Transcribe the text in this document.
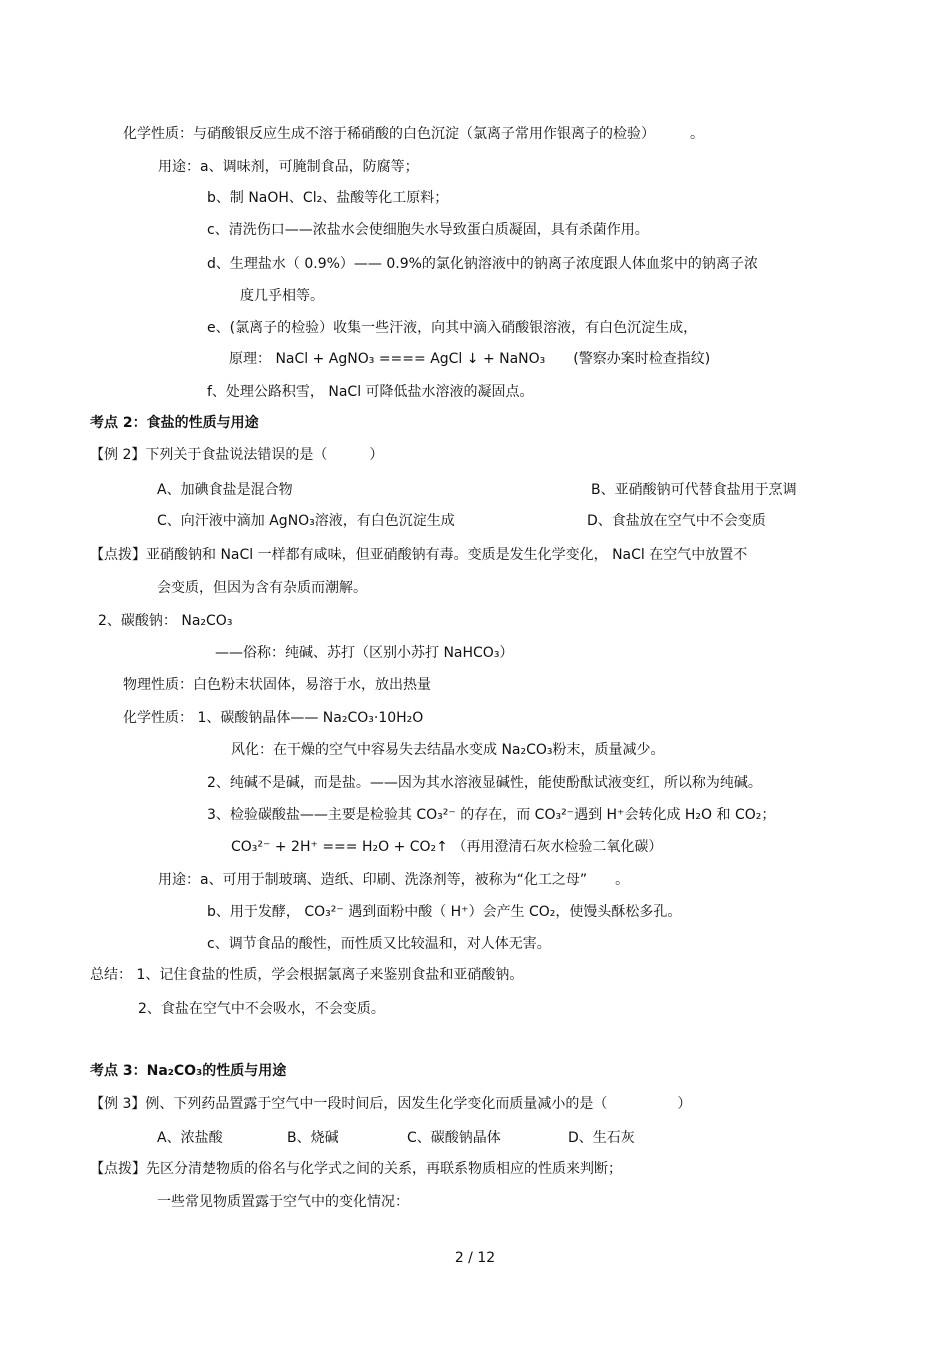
化学性质：与硝酸银反应生成不溶于稀硝酸的白色沉淀（氯离子常用作银离子的检验）　　　。
用途：a、调味剂，可腌制食品，防腐等；
b、制 NaOH、Cl₂、盐酸等化工原料；
c、清洗伤口——浓盐水会使细胞失水导致蛋白质凝固，具有杀菌作用。
d、生理盐水（ 0.9%）—— 0.9%的氯化钠溶液中的钠离子浓度跟人体血浆中的钠离子浓
度几乎相等。
e、(氯离子的检验）收集一些汗液，向其中滴入硝酸银溶液，有白色沉淀生成，
原理： NaCl + AgNO₃ ==== AgCl ↓ + NaNO₃　　(警察办案时检查指纹)
f、处理公路积雪， NaCl 可降低盐水溶液的凝固点。
考点 2：食盐的性质与用途
【例 2】下列关于食盐说法错误的是（　　　）
A、加碘食盐是混合物	B、亚硝酸钠可代替食盐用于烹调
C、向汗液中滴加 AgNO₃溶液，有白色沉淀生成	D、食盐放在空气中不会变质
【点拨】亚硝酸钠和 NaCl 一样都有咸味，但亚硝酸钠有毒。变质是发生化学变化， NaCl 在空气中放置不
会变质，但因为含有杂质而潮解。
2、碳酸钠： Na₂CO₃
——俗称：纯碱、苏打（区别小苏打 NaHCO₃）
物理性质：白色粉末状固体，易溶于水，放出热量
化学性质： 1、碳酸钠晶体—— Na₂CO₃·10H₂O
风化：在干燥的空气中容易失去结晶水变成 Na₂CO₃粉末，质量减少。
2、纯碱不是碱，而是盐。——因为其水溶液显碱性，能使酚酞试液变红，所以称为纯碱。
3、检验碳酸盐——主要是检验其 CO₃²⁻ 的存在，而 CO₃²⁻遇到 H⁺会转化成 H₂O 和 CO₂；
CO₃²⁻ + 2H⁺ === H₂O + CO₂↑ （再用澄清石灰水检验二氧化碳）
用途：a、可用于制玻璃、造纸、印刷、洗涤剂等，被称为“化工之母”　　。
b、用于发酵， CO₃²⁻ 遇到面粉中酸（ H⁺）会产生 CO₂，使馒头酥松多孔。
c、调节食品的酸性，而性质又比较温和，对人体无害。
总结： 1、记住食盐的性质，学会根据氯离子来鉴别食盐和亚硝酸钠。
2、食盐在空气中不会吸水，不会变质。
考点 3：Na₂CO₃的性质与用途
【例 3】例、下列药品置露于空气中一段时间后，因发生化学变化而质量减小的是（　　　　　）
A、浓盐酸	B、烧碱	C、碳酸钠晶体	D、生石灰
【点拨】先区分清楚物质的俗名与化学式之间的关系，再联系物质相应的性质来判断；
一些常见物质置露于空气中的变化情况：
2 / 12
